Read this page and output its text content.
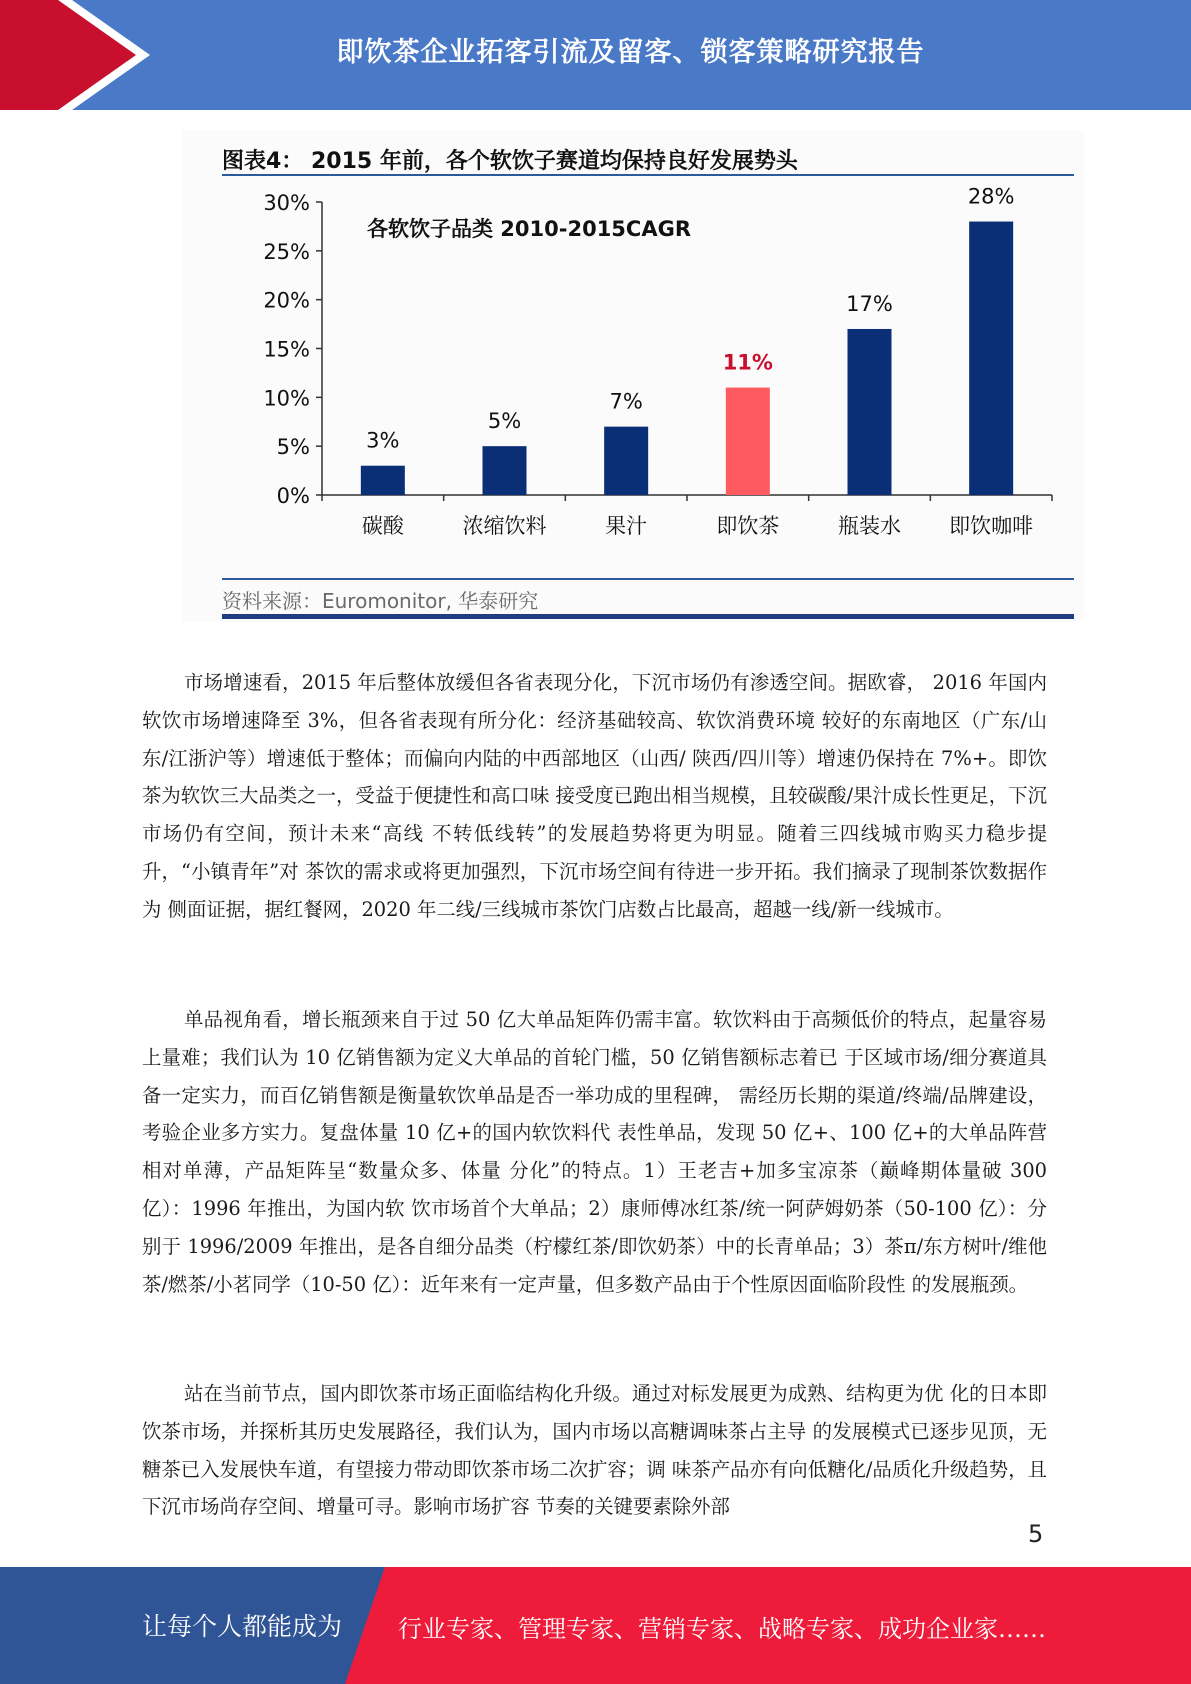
即饮茶企业拓客引流及留客、锁客策略研究报告
图表4： 2015 年前，各个软饮子赛道均保持良好发展势头
0%
5%
10%
15%
20%
25%
30%
各软饮子品类 2010-2015CAGR
3%
碳酸
5%
浓缩饮料
7%
果汁
11%
即饮茶
17%
瓶装水
28%
即饮咖啡
资料来源：Euromonitor, 华泰研究

市场增速看，2015 年后整体放缓但各省表现分化，下沉市场仍有渗透空间。据欧睿， 2016 年国内软饮市场增速降至 3%，但各省表现有所分化：经济基础较高、软饮消费环境 较好的东南地区（广东/山东/江浙沪等）增速低于整体；而偏向内陆的中西部地区（山西/ 陕西/四川等）增速仍保持在 7%+。即饮茶为软饮三大品类之一，受益于便捷性和高口味 接受度已跑出相当规模，且较碳酸/果汁成长性更足，下沉市场仍有空间，预计未来“高线 不转低线转”的发展趋势将更为明显。随着三四线城市购买力稳步提升，“小镇青年”对 茶饮的需求或将更加强烈，下沉市场空间有待进一步开拓。我们摘录了现制茶饮数据作为 侧面证据，据红餐网，2020 年二线/三线城市茶饮门店数占比最高，超越一线/新一线城市。

单品视角看，增长瓶颈来自于过 50 亿大单品矩阵仍需丰富。软饮料由于高频低价的特点，起量容易上量难；我们认为 10 亿销售额为定义大单品的首轮门槛，50 亿销售额标志着已 于区域市场/细分赛道具备一定实力，而百亿销售额是衡量软饮单品是否一举功成的里程碑， 需经历长期的渠道/终端/品牌建设，考验企业多方实力。复盘体量 10 亿+的国内软饮料代 表性单品，发现 50 亿+、100 亿+的大单品阵营相对单薄，产品矩阵呈“数量众多、体量 分化”的特点。1）王老吉+加多宝凉茶（巅峰期体量破 300 亿）：1996 年推出，为国内软 饮市场首个大单品；2）康师傅冰红茶/统一阿萨姆奶茶（50-100 亿）：分别于 1996/2009 年推出，是各自细分品类（柠檬红茶/即饮奶茶）中的长青单品；3）茶π/东方树叶/维他 茶/燃茶/小茗同学（10-50 亿）：近年来有一定声量，但多数产品由于个性原因面临阶段性 的发展瓶颈。

站在当前节点，国内即饮茶市场正面临结构化升级。通过对标发展更为成熟、结构更为优 化的日本即饮茶市场，并探析其历史发展路径，我们认为，国内市场以高糖调味茶占主导 的发展模式已逐步见顶，无糖茶已入发展快车道，有望接力带动即饮茶市场二次扩容；调 味茶产品亦有向低糖化/品质化升级趋势，且下沉市场尚存空间、增量可寻。影响市场扩容 节奏的关键要素除外部

5
让每个人都能成为 行业专家、管理专家、营销专家、战略专家、成功企业家……
